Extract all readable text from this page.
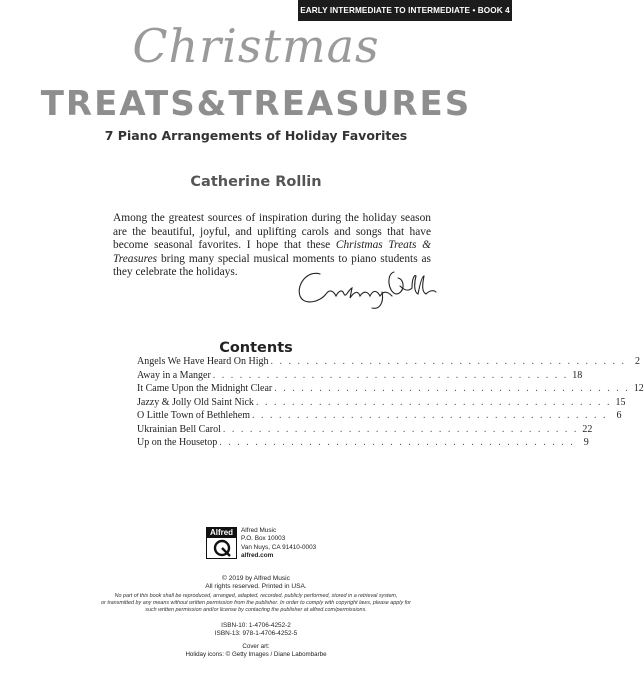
EARLY INTERMEDIATE TO INTERMEDIATE • BOOK 4
Christmas
TREATS&TREASURES
7 Piano Arrangements of Holiday Favorites
Catherine Rollin
Among the greatest sources of inspiration during the holiday season are the beautiful, joyful, and uplifting carols and songs that have become seasonal favorites. I hope that these Christmas Treats & Treasures bring many special musical moments to piano students as they celebrate the holidays.
Contents
Angels We Have Heard On High . . . . . . . . . . . . . . . . . . . . . . . . . . . . . . . . . . . . . . . . 2
Away in a Manger . . . . . . . . . . . . . . . . . . . . . . . . . . . . . . . . . . . . . . . . 18
It Came Upon the Midnight Clear . . . . . . . . . . . . . . . . . . . . . . . . . . . . . . . . . . . . . . . . 12
Jazzy & Jolly Old Saint Nick . . . . . . . . . . . . . . . . . . . . . . . . . . . . . . . . . . . . . . . . 15
O Little Town of Bethlehem . . . . . . . . . . . . . . . . . . . . . . . . . . . . . . . . . . . . . . . . 6
Ukrainian Bell Carol . . . . . . . . . . . . . . . . . . . . . . . . . . . . . . . . . . . . . . . . 22
Up on the Housetop . . . . . . . . . . . . . . . . . . . . . . . . . . . . . . . . . . . . . . . . 9
Alfred	Alfred Music
P.O. Box 10003
Van Nuys, CA 91410-0003
alfred.com
© 2019 by Alfred Music
All rights reserved. Printed in USA.
No part of this book shall be reproduced, arranged, adapted, recorded, publicly performed, stored in a retrieval system,
or transmitted by any means without written permission from the publisher. In order to comply with copyright laws, please apply for
such written permission and/or license by contacting the publisher at alfred.com/permissions.
ISBN-10: 1-4706-4252-2
ISBN-13: 978-1-4706-4252-5
Cover art:
Holiday icons: © Getty Images / Diane Labombarbe
